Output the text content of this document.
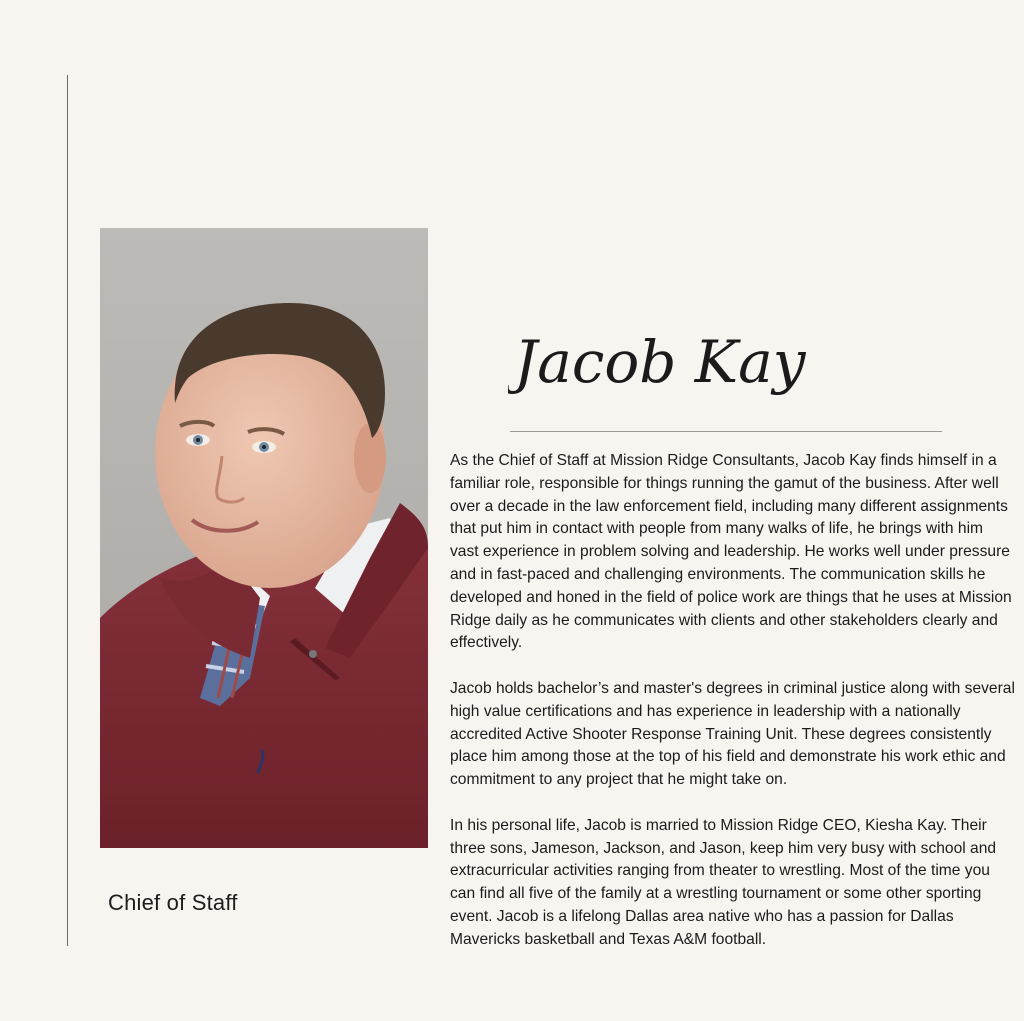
Chief of Staff
Jacob Kay

As the Chief of Staff at Mission Ridge Consultants, Jacob Kay finds himself in a familiar role, responsible for things running the gamut of the business. After well over a decade in the law enforcement field, including many different assignments that put him in contact with people from many walks of life, he brings with him vast experience in problem solving and leadership. He works well under pressure and in fast-paced and challenging environments. The communication skills he developed and honed in the field of police work are things that he uses at Mission Ridge daily as he communicates with clients and other stakeholders clearly and effectively.

Jacob holds bachelor’s and master's degrees in criminal justice along with several high value certifications and has experience in leadership with a nationally accredited Active Shooter Response Training Unit. These degrees consistently place him among those at the top of his field and demonstrate his work ethic and commitment to any project that he might take on.

In his personal life, Jacob is married to Mission Ridge CEO, Kiesha Kay. Their three sons, Jameson, Jackson, and Jason, keep him very busy with school and extracurricular activities ranging from theater to wrestling. Most of the time you can find all five of the family at a wrestling tournament or some other sporting event. Jacob is a lifelong Dallas area native who has a passion for Dallas Mavericks basketball and Texas A&M football.
